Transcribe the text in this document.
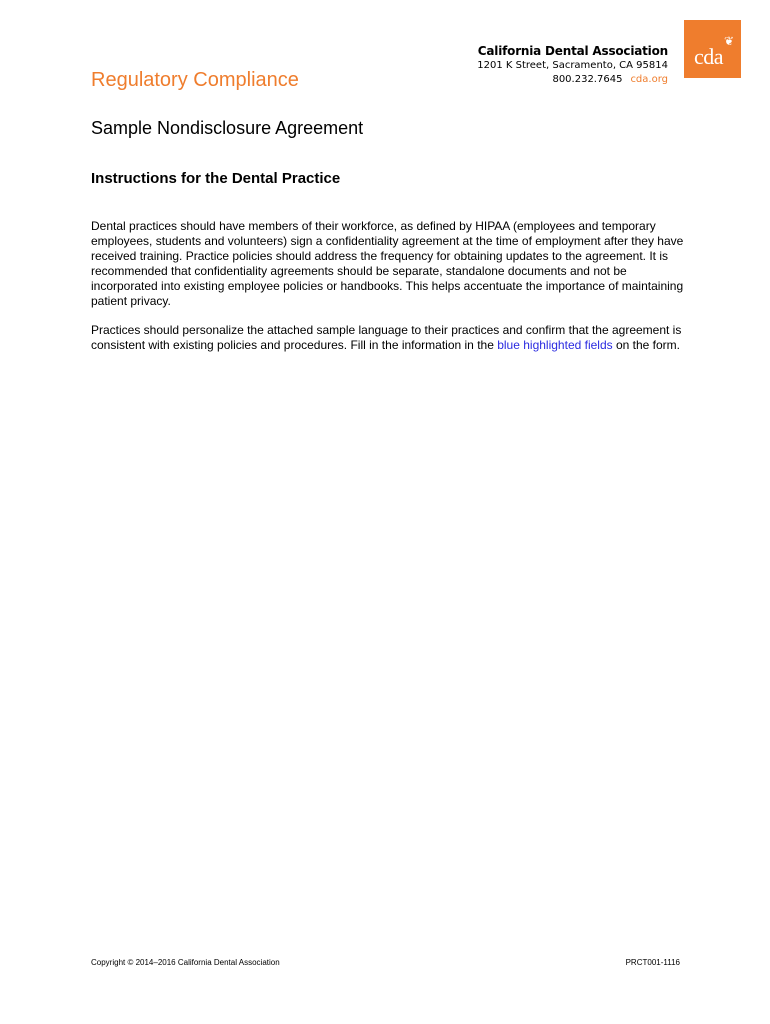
cda
❦
California Dental Association
1201 K Street, Sacramento, CA 95814
800.232.7645 cda.org
Regulatory Compliance
Sample Nondisclosure Agreement
Instructions for the Dental Practice
Dental practices should have members of their workforce, as defined by HIPAA (employees and temporary employees, students and volunteers) sign a confidentiality agreement at the time of employment after they have received training. Practice policies should address the frequency for obtaining updates to the agreement. It is recommended that confidentiality agreements should be separate, standalone documents and not be incorporated into existing employee policies or handbooks. This helps accentuate the importance of maintaining patient privacy.
Practices should personalize the attached sample language to their practices and confirm that the agreement is consistent with existing policies and procedures. Fill in the information in the blue highlighted fields on the form.
Copyright © 2014–2016 California Dental Association	PRCT001-1116
